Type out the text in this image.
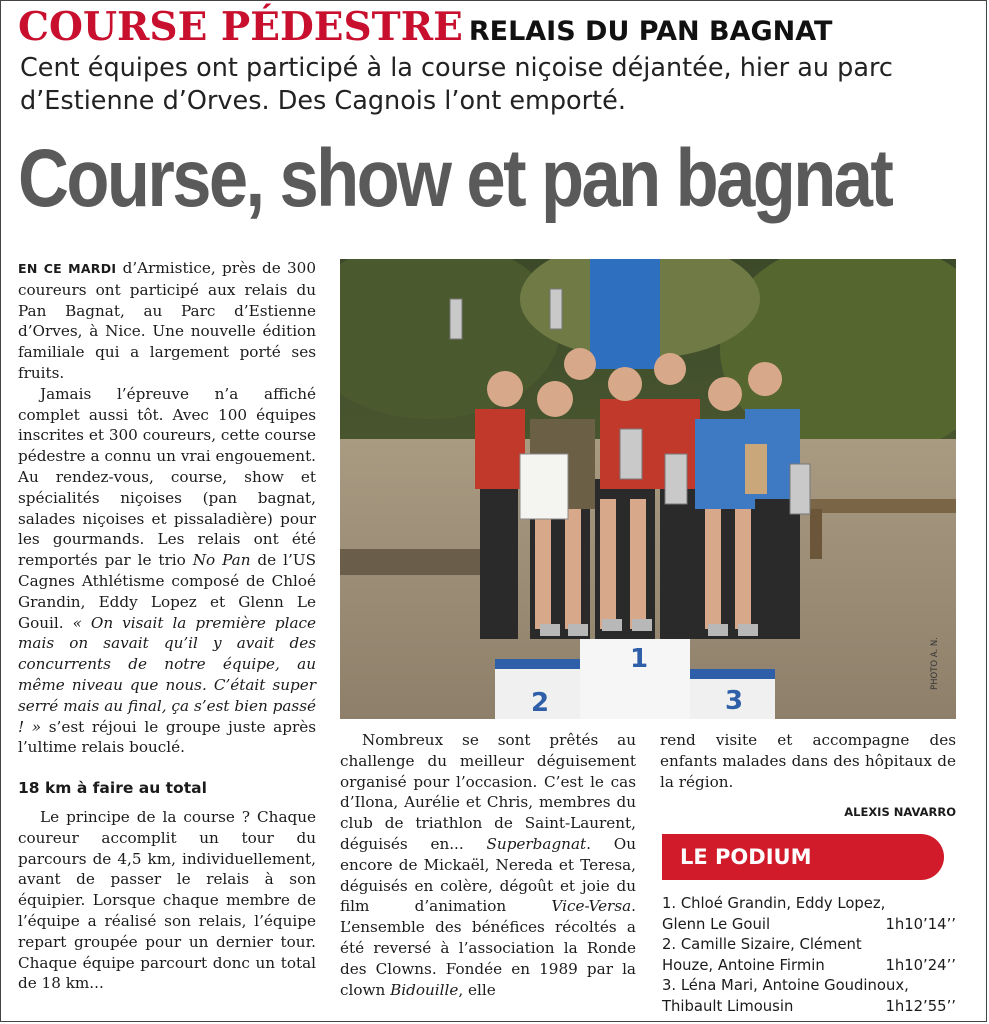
COURSE PÉDESTRE RELAIS DU PAN BAGNAT
Cent équipes ont participé à la course niçoise déjantée, hier au parc d’Estienne d’Orves. Des Cagnois l’ont emporté.
Course, show et pan bagnat

EN CE MARDI d’Armistice, près de 300 coureurs ont participé aux relais du Pan Bagnat, au Parc d’Estienne d’Orves, à Nice. Une nouvelle édition familiale qui a largement porté ses fruits.

Jamais l’épreuve n’a affiché complet aussi tôt. Avec 100 équipes inscrites et 300 coureurs, cette course pédestre a connu un vrai engouement. Au rendez-vous, course, show et spécialités niçoises (pan bagnat, salades niçoises et pissaladière) pour les gourmands. Les relais ont été remportés par le trio No Pan de l’US Cagnes Athlétisme composé de Chloé Grandin, Eddy Lopez et Glenn Le Gouil. « On visait la première place mais on savait qu’il y avait des concurrents de notre équipe, au même niveau que nous. C’était super serré mais au final, ça s’est bien passé ! » s’est réjoui le groupe juste après l’ultime relais bouclé.

18 km à faire au total

Le principe de la course ? Chaque coureur accomplit un tour du parcours de 4,5 km, individuellement, avant de passer le relais à son équipier. Lorsque chaque membre de l’équipe a réalisé son relais, l’équipe repart groupée pour un dernier tour. Chaque équipe parcourt donc un total de 18 km...

1
2	3
PHOTO A. N.

Nombreux se sont prêtés au challenge du meilleur déguisement organisé pour l’occasion. C’est le cas d’Ilona, Aurélie et Chris, membres du club de triathlon de Saint-Laurent, déguisés en... Superbagnat. Ou encore de Mickaël, Nereda et Teresa, déguisés en colère, dégoût et joie du film d’animation Vice-Versa. L’ensemble des bénéfices récoltés a été reversé à l’association la Ronde des Clowns. Fondée en 1989 par la clown Bidouille, elle

rend visite et accompagne des enfants malades dans des hôpitaux de la région.

ALEXIS NAVARRO
LE PODIUM
1. Chloé Grandin, Eddy Lopez,
Glenn Le Gouil	1h10’14’’
2. Camille Sizaire, Clément
Houze, Antoine Firmin	1h10’24’’
3. Léna Mari, Antoine Goudinoux,
Thibault Limousin	1h12’55’’
